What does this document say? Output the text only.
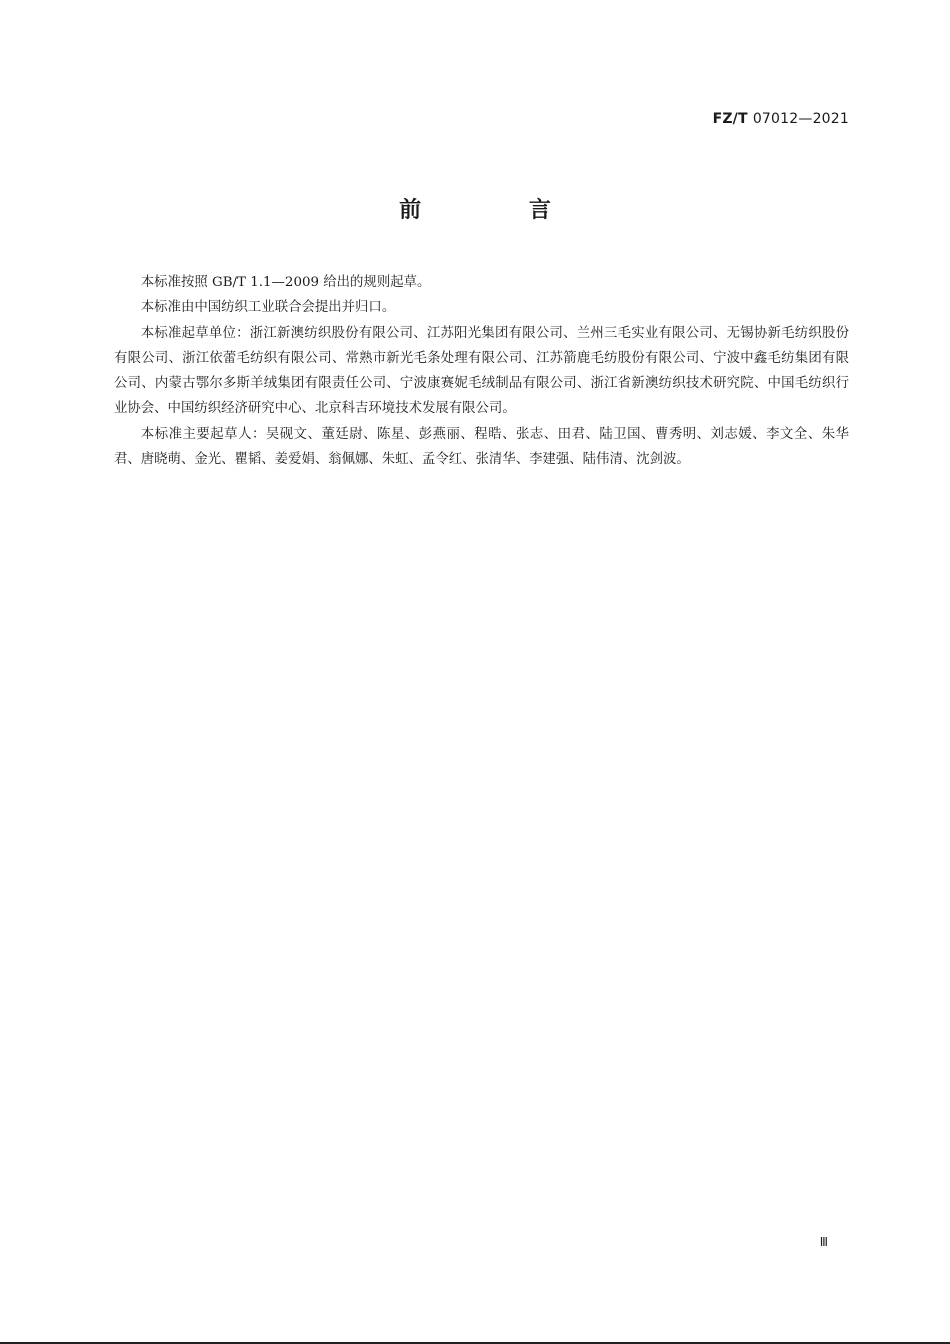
FZ/T 07012—2021
前 言

本标准按照 GB/T 1.1—2009 给出的规则起草。

本标准由中国纺织工业联合会提出并归口。

本标准起草单位：浙江新澳纺织股份有限公司、江苏阳光集团有限公司、兰州三毛实业有限公司、无锡协新毛纺织股份有限公司、浙江依蕾毛纺织有限公司、常熟市新光毛条处理有限公司、江苏箭鹿毛纺股份有限公司、宁波中鑫毛纺集团有限公司、内蒙古鄂尔多斯羊绒集团有限责任公司、宁波康赛妮毛绒制品有限公司、浙江省新澳纺织技术研究院、中国毛纺织行业协会、中国纺织经济研究中心、北京科吉环境技术发展有限公司。

本标准主要起草人：吴砚文、董廷尉、陈星、彭燕丽、程晧、张志、田君、陆卫国、曹秀明、刘志媛、李文全、朱华君、唐晓萌、金光、瞿韬、姜爱娟、翁佩娜、朱虹、孟令红、张清华、李建强、陆伟清、沈剑波。

Ⅲ
